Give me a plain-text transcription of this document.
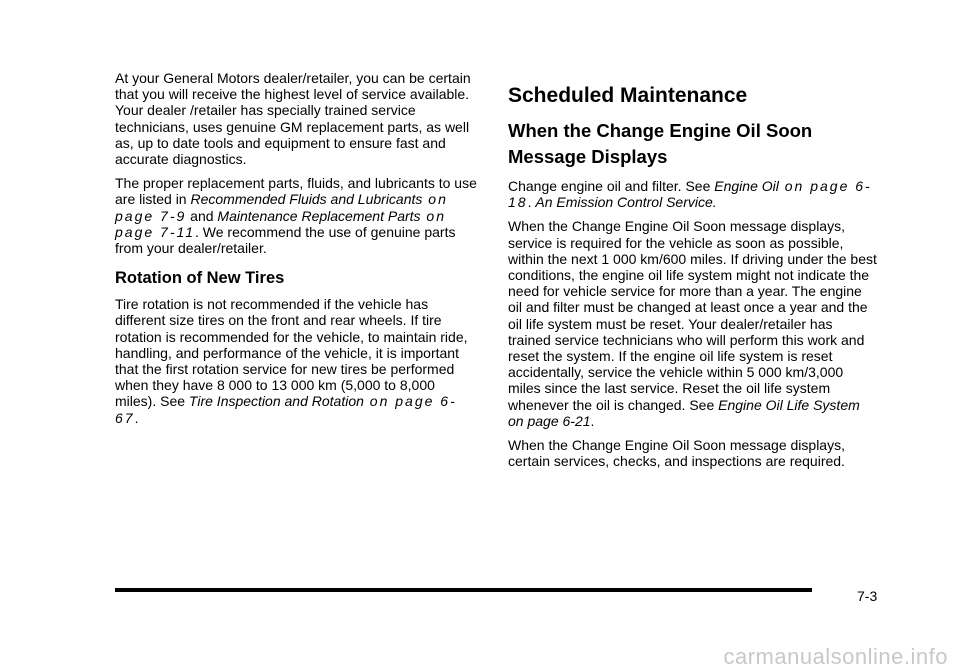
At your General Motors dealer/retailer, you can be certain that you will receive the highest level of service available. Your dealer /retailer has specially trained service technicians, uses genuine GM replacement parts, as well as, up to date tools and equipment to ensure fast and accurate diagnostics.

The proper replacement parts, fluids, and lubricants to use are listed in Recommended Fluids and Lubricants on page 7-9 and Maintenance Replacement Parts on page 7-11. We recommend the use of genuine parts from your dealer/retailer.

Rotation of New Tires

Tire rotation is not recommended if the vehicle has different size tires on the front and rear wheels. If tire rotation is recommended for the vehicle, to maintain ride, handling, and performance of the vehicle, it is important that the first rotation service for new tires be performed when they have 8 000 to 13 000 km (5,000 to 8,000 miles). See Tire Inspection and Rotation on page 6-67.

Scheduled Maintenance
When the Change Engine Oil Soon Message Displays

Change engine oil and filter. See Engine Oil on page 6-18. An Emission Control Service.

When the Change Engine Oil Soon message displays, service is required for the vehicle as soon as possible, within the next 1 000 km/600 miles. If driving under the best conditions, the engine oil life system might not indicate the need for vehicle service for more than a year. The engine oil and filter must be changed at least once a year and the oil life system must be reset. Your dealer/retailer has trained service technicians who will perform this work and reset the system. If the engine oil life system is reset accidentally, service the vehicle within 5 000 km/3,000 miles since the last service. Reset the oil life system whenever the oil is changed. See Engine Oil Life System on page 6-21.

When the Change Engine Oil Soon message displays, certain services, checks, and inspections are required.

7-3
carmanualsonline.info
